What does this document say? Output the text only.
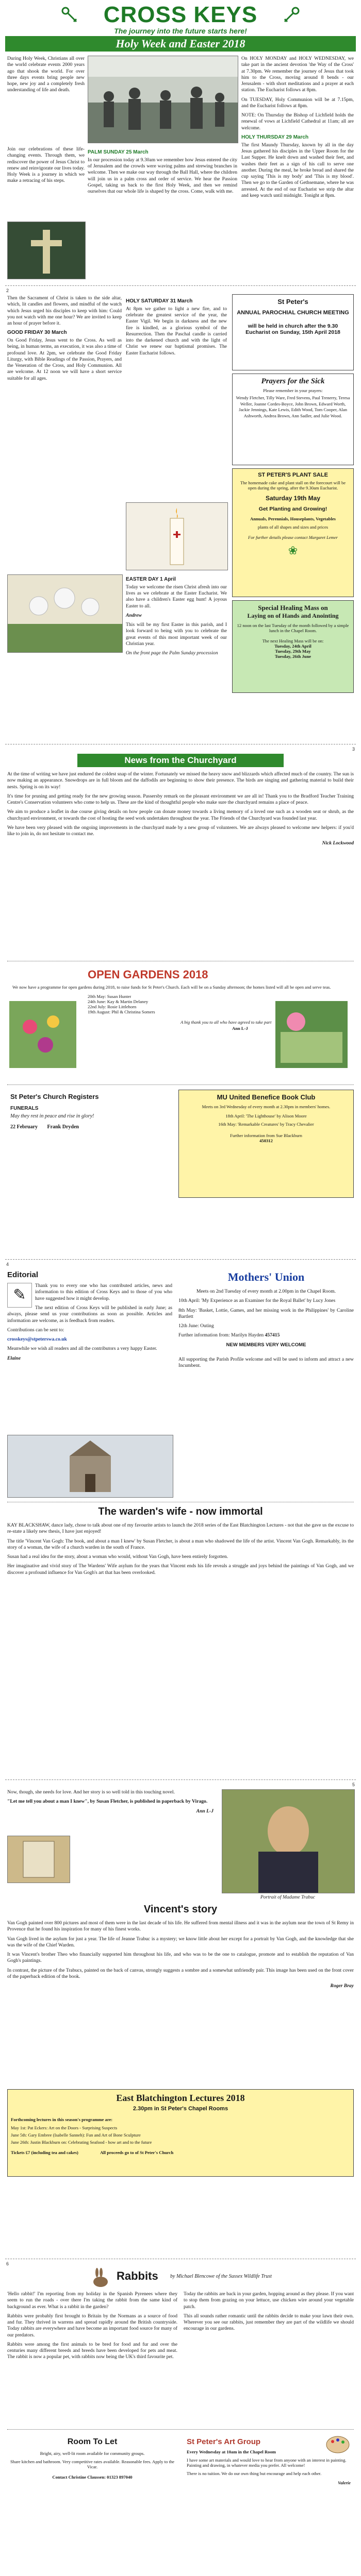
CROSS KEYS
The journey into the future starts here!
Holy Week and Easter 2018

During Holy Week, Christians all over the world celebrate events 2000 years ago that shook the world. For over three days events bring people new hope, new joy and a completely fresh understanding of life and death.

On HOLY MONDAY and HOLY WEDNESDAY, we take part in the ancient devotion 'the Way of the Cross' at 7.30pm. We remember the journey of Jesus that took him to the Cross, moving around 8 bends - our Jerusalem - with short meditations and a prayer at each station. The Eucharist follows at 8pm.

On TUESDAY, Holy Communion will be at 7.15pm, and the Eucharist follows at 8pm.

NOTE: On Thursday the Bishop of Lichfield holds the renewal of vows at Lichfield Cathedral at 11am; all are welcome.

HOLY THURSDAY 29 March

The first Maundy Thursday, known by all in the day Jesus gathered his disciples in the Upper Room for the Last Supper. He knelt down and washed their feet, and washes their feet as a sign of his call to serve one another. During the meal, he broke bread and shared the cup saying 'This is my body' and 'This is my blood'. Then we go to the Garden of Gethsemane, where he was arrested. At the end of our Eucharist we strip the altar and keep watch until midnight. Tonight at 8pm.

Join our celebrations of these life-changing events. Through them, we rediscover the power of Jesus Christ to renew and reinvigorate our lives today. Holy Week is a journey in which we make a retracing of his steps.

PALM SUNDAY 25 March

In our procession today at 9.30am we remember how Jesus entered the city of Jerusalem and the crowds were waving palms and strewing branches in welcome. Then we make our way through the Ball Hall, where the children will join us in a palm cross and order of service. We hear the Passion Gospel, taking us back to the first Holy Week, and then we remind ourselves that our whole life is shaped by the cross. Come, walk with me.

2

Then the Sacrament of Christ is taken to the side altar, which, lit candles and flowers, and mindful of the watch which Jesus urged his disciples to keep with him: Could you not watch with me one hour? We are invited to keep an hour of prayer before it.

GOOD FRIDAY 30 March

On Good Friday, Jesus went to the Cross. As well as being, in human terms, an execution, it was also a time of profound love. At 2pm, we celebrate the Good Friday Liturgy, with Bible Readings of the Passion, Prayers, and the Veneration of the Cross, and Holy Communion. All are welcome. At 12 noon we will have a short service suitable for all ages.

HOLY SATURDAY 31 March

At 8pm we gather to light a new fire, and to celebrate the greatest service of the year, the Easter Vigil. We begin in darkness and the new fire is kindled, as a glorious symbol of the Resurrection. Then the Paschal candle is carried into the darkened church and with the light of Christ we renew our baptismal promises. The Easter Eucharist follows.

EASTER DAY 1 April

Today we welcome the risen Christ afresh into our lives as we celebrate at the Easter Eucharist. We also have a children's Easter egg hunt! A joyous Easter to all.

Andrew

This will be my first Easter in this parish, and I look forward to being with you to celebrate the great events of this most important week of our Christian year.

On the front page the Palm Sunday procession

St Peter's
ANNUAL PAROCHIAL CHURCH MEETING
will be held in church after the 9.30 Eucharist on Sunday, 15th April 2018
Prayers for the Sick
Please remember in your prayers:
Wendy Fletcher, Tilly Ware, Fred Stevens, Paul Trenerry, Teresa Weller, Joanne Cordes-Boyce, John Brown, Edward Worth, Jackie Jennings, Kate Lewis, Edith Wood, Tom Cooper, Alan Ashworth, Andrea Brown, Ann Sadler, and Julie Wood.
ST PETER'S PLANT SALE
The homemade cake and plant stall on the forecourt will be open during the spring, after the 9.30am Eucharist.
Saturday 19th May
Get Planting and Growing!
Annuals, Perennials, Houseplants, Vegetables
plants of all shapes and sizes and prices
For further details please contact Margaret Lemer
❀
Special Healing Mass on
Laying on of Hands and Anointing
12 noon on the last Tuesday of the month followed by a simple lunch in the Chapel Room.
The next Healing Mass will be on:
Tuesday, 24th April
Tuesday, 29th May
Tuesday, 26th June
3
News from the Churchyard

At the time of writing we have just endured the coldest snap of the winter. Fortunately we missed the heavy snow and blizzards which affected much of the country. The sun is now making an appearance. Snowdrops are in full bloom and the daffodils are beginning to show their presence. The birds are singing and gathering material to build their nests. Spring is on its way!

It's time for pruning and getting ready for the new growing season. Passersby remark on the pleasant environment we are all in! Thank you to the Bradford Teacher Training Centre's Conservation volunteers who come to help us. These are the kind of thoughtful people who make sure the churchyard remains a place of peace.

We aim to produce a leaflet in due course giving details on how people can donate money towards a living memory of a loved one such as a wooden seat or shrub, as the churchyard environment, or towards the cost of hosting the seed work undertaken throughout the year. The Friends of the Churchyard was founded last year.

We have been very pleased with the ongoing improvements in the churchyard made by a new group of volunteers. We are always pleased to welcome new helpers: if you'd like to join in, do not hesitate to contact me.

Nick Lockwood

OPEN GARDENS 2018
We now have a programme for open gardens during 2018, to raise funds for St Peter's Church. Each will be on a Sunday afternoon; the homes listed will all be open and serve teas.
20th May: Susan Hunter
24th June: Kay & Martin Delaney
22nd July: Rosie Littlehorn
19th August: Phil & Christina Somers
A big thank you to all who have agreed to take part
Ann L-J
St Peter's Church Registers
FUNERALS
May they rest in peace and rise in glory!
22 February Frank Dryden
MU United Benefice Book Club
Meets on 3rd Wednesday of every month at 2.30pm in members' homes.
18th April: 'The Lighthouse' by Alison Moore
16th May: 'Remarkable Creatures' by Tracy Chevalier
Further information from Sue Blackburn
450312
4
Editorial
✎

Thank you to every one who has contributed articles, news and information to this edition of Cross Keys and to those of you who have suggested how it might develop.

The next edition of Cross Keys will be published in early June; as always, please send us your contributions as soon as possible. Articles and information are welcome, as is feedback from readers.

Contributions can be sent to:

crosskeys@stpeterswa.co.uk

Meanwhile we wish all readers and all the contributors a very happy Easter.

Elaine

Mothers' Union

Meets on 2nd Tuesday of every month at 2.00pm in the Chapel Room.

10th April: 'My Experience as an Examiner for the Royal Ballet' by Lucy Jones

8th May: 'Basket, Lottie, Games, and her missing work in the Philippines' by Caroline Bartlett

12th June: Outing

Further information from: Marilyn Hayden 457415

NEW MEMBERS VERY WELCOME

All supporting the Parish Profile welcome and will be used to inform and attract a new Incumbent.

The warden's wife - now immortal

KAY BLACKSHAW, dance lady, chose to talk about one of my favourite artists to launch the 2018 series of the East Blatchington Lectures - not that she gave us the excuse to re-state a likely new thesis, I have just enjoyed!

The title 'Vincent Van Gogh: The book, and about a man I knew' by Susan Fletcher, is about a man who shadowed the life of the artist. Vincent Van Gogh. Remarkably, its the story of a woman, the wife of a church warden in the south of France.

Susan had a real idea for the story, about a woman who would, without Van Gogh, have been entirely forgotten.

Her imaginative and vivid story of The Wardens' Wife asylum for the years that Vincent ends his life reveals a struggle and joys behind the paintings of Van Gogh, and we discover a profound influence for Van Gogh's art that has been overlooked.

5

Now, though, she needs for love. And her story is so well told in this touching novel.

"Let me tell you about a man I knew", by Susan Fletcher, is published in paperback by Virago.

Ann L-J

Portrait of Madame Trabuc
Vincent's story

Van Gogh painted over 800 pictures and most of them were in the last decade of his life. He suffered from mental illness and it was in the asylum near the town of St Remy in Provence that he found his inspiration for many of his finest works.

Van Gogh lived in the asylum for just a year. The life of Jeanne Trabuc is a mystery; we know little about her except for a portrait by Van Gogh, and the knowledge that she was the wife of the Chief Warden.

It was Vincent's brother Theo who financially supported him throughout his life, and who was to be the one to catalogue, promote and to establish the reputation of Van Gogh's paintings.

In contrast, the picture of the Trabucs, painted on the back of canvas, strongly suggests a sombre and a somewhat unfriendly pair. This image has been used on the front cover of the paperback edition of the book.

Roger Bray

East Blatchington Lectures 2018
2.30pm in St Peter's Chapel Rooms
Forthcoming lectures in this season's programme are:
May 1st: Pat Eckers: Art on the Doors - Surprising Suspects
June 5th: Gary Embree (Isabelle Sanneh): Fun and Art of Bone Sculpture
June 26th: Justin Blackburn on: Celebrating Seafood - how art and to the future
Tickets £7 (including tea and cakes)	All proceeds go to of St Peter's Church
6
Rabbits by Michael Blencowe of the Sussex Wildlife Trust

'Hello rabbit!' I'm reporting from my holiday in the Spanish Pyrenees where they seem to run the roads - over there I'm taking the rabbit from the same kind of background as ever. What is a rabbit in the garden?

Rabbits were probably first brought to Britain by the Normans as a source of food and fur. They thrived in warrens and spread rapidly around the British countryside. Today rabbits are everywhere and have become an important food source for many of our predators.

Rabbits were among the first animals to be bred for food and fur and over the centuries many different breeds and breeds have been developed for pets and meat. The rabbit is now a popular pet, with rabbits now being the UK's third favourite pet.

Today the rabbits are back in your garden, hopping around as they please. If you want to stop them from grazing on your lettuce, use chicken wire around your vegetable patch.

This all sounds rather romantic until the rabbits decide to make your lawn their own. Wherever you see our rabbits, just remember they are part of the wildlife we should encourage in our gardens.

Room To Let
Bright, airy, well-lit room available for community groups.
Share kitchen and bathroom. Very competitive rates available. Reasonable fees. Apply to the Vicar.
Contact Christine Claussen: 01323 897040
St Peter's Art Group
Every Wednesday at 10am in the Chapel Room
I have some art materials and would love to hear from anyone with an interest in painting. Painting and drawing, in whatever media you prefer. All welcome!
There is no tuition. We do our own thing but encourage and help each other.
Valerie
